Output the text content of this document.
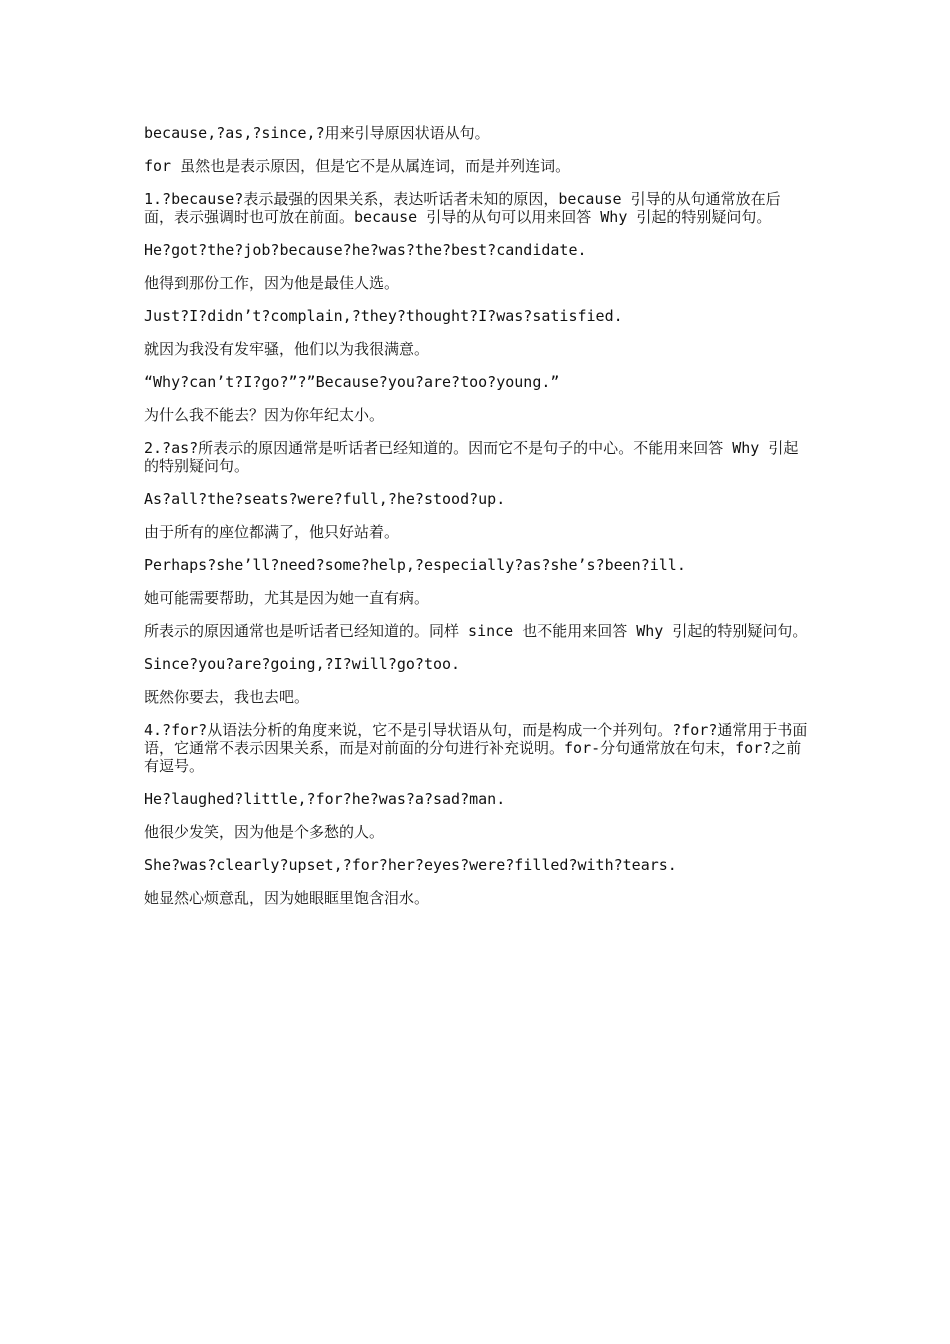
because,?as,?since,?用来引导原因状语从句。

for 虽然也是表示原因，但是它不是从属连词，而是并列连词。

1.?because?表示最强的因果关系，表达听话者未知的原因，because 引导的从句通常放在后面，表示强调时也可放在前面。because 引导的从句可以用来回答 Why 引起的特别疑问句。

He?got?the?job?because?he?was?the?best?candidate.

他得到那份工作，因为他是最佳人选。

Just?I?didn’t?complain,?they?thought?I?was?satisfied.

就因为我没有发牢骚，他们以为我很满意。

“Why?can’t?I?go?”?”Because?you?are?too?young.”

为什么我不能去？因为你年纪太小。

2.?as?所表示的原因通常是听话者已经知道的。因而它不是句子的中心。不能用来回答 Why 引起的特别疑问句。

As?all?the?seats?were?full,?he?stood?up.

由于所有的座位都满了，他只好站着。

Perhaps?she’ll?need?some?help,?especially?as?she’s?been?ill.

她可能需要帮助，尤其是因为她一直有病。

所表示的原因通常也是听话者已经知道的。同样 since 也不能用来回答 Why 引起的特别疑问句。

Since?you?are?going,?I?will?go?too.

既然你要去，我也去吧。

4.?for?从语法分析的角度来说，它不是引导状语从句，而是构成一个并列句。?for?通常用于书面语，它通常不表示因果关系，而是对前面的分句进行补充说明。for-分句通常放在句末，for?之前有逗号。

He?laughed?little,?for?he?was?a?sad?man.

他很少发笑，因为他是个多愁的人。

She?was?clearly?upset,?for?her?eyes?were?filled?with?tears.

她显然心烦意乱，因为她眼眶里饱含泪水。
